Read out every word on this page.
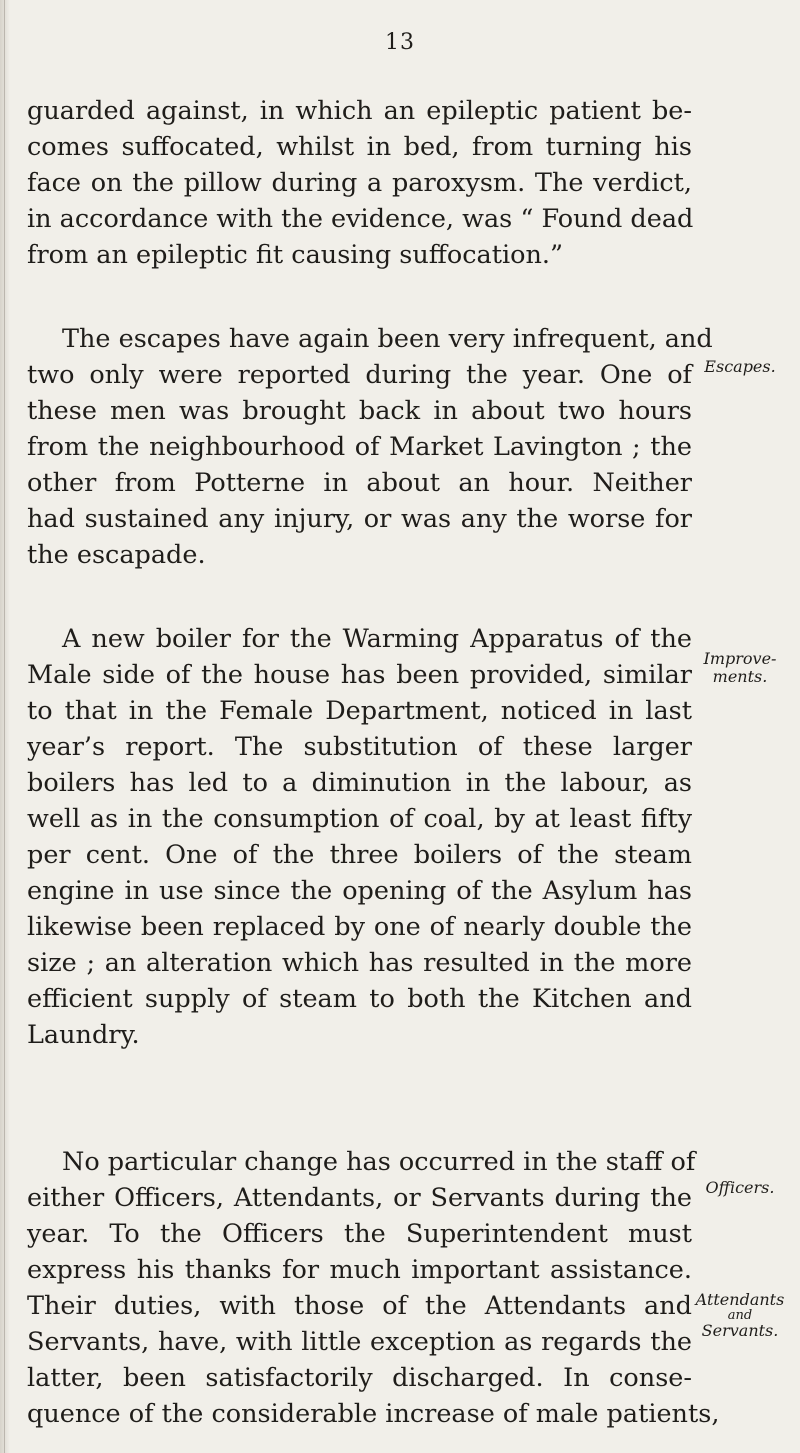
13
guarded against, in which an epileptic patient be-
comes suffocated, whilst in bed, from turning his
face on the pillow during a paroxysm. The verdict,
in accordance with the evidence, was “ Found dead
from an epileptic fit causing suffocation.”
The escapes have again been very infrequent, and
two only were reported during the year. One of
these men was brought back in about two hours
from the neighbourhood of Market Lavington ; the
other from Potterne in about an hour. Neither
had sustained any injury, or was any the worse for
the escapade.
A new boiler for the Warming Apparatus of the
Male side of the house has been provided, similar
to that in the Female Department, noticed in last
year’s report. The substitution of these larger
boilers has led to a diminution in the labour, as
well as in the consumption of coal, by at least fifty
per cent. One of the three boilers of the steam
engine in use since the opening of the Asylum has
likewise been replaced by one of nearly double the
size ; an alteration which has resulted in the more
efficient supply of steam to both the Kitchen and
Laundry.
No particular change has occurred in the staff of
either Officers, Attendants, or Servants during the
year. To the Officers the Superintendent must
express his thanks for much important assistance.
Their duties, with those of the Attendants and
Servants, have, with little exception as regards the
latter, been satisfactorily discharged. In conse-
quence of the considerable increase of male patients,
Escapes.
Improve-
ments.
Officers.
Attendants
and
Servants.
